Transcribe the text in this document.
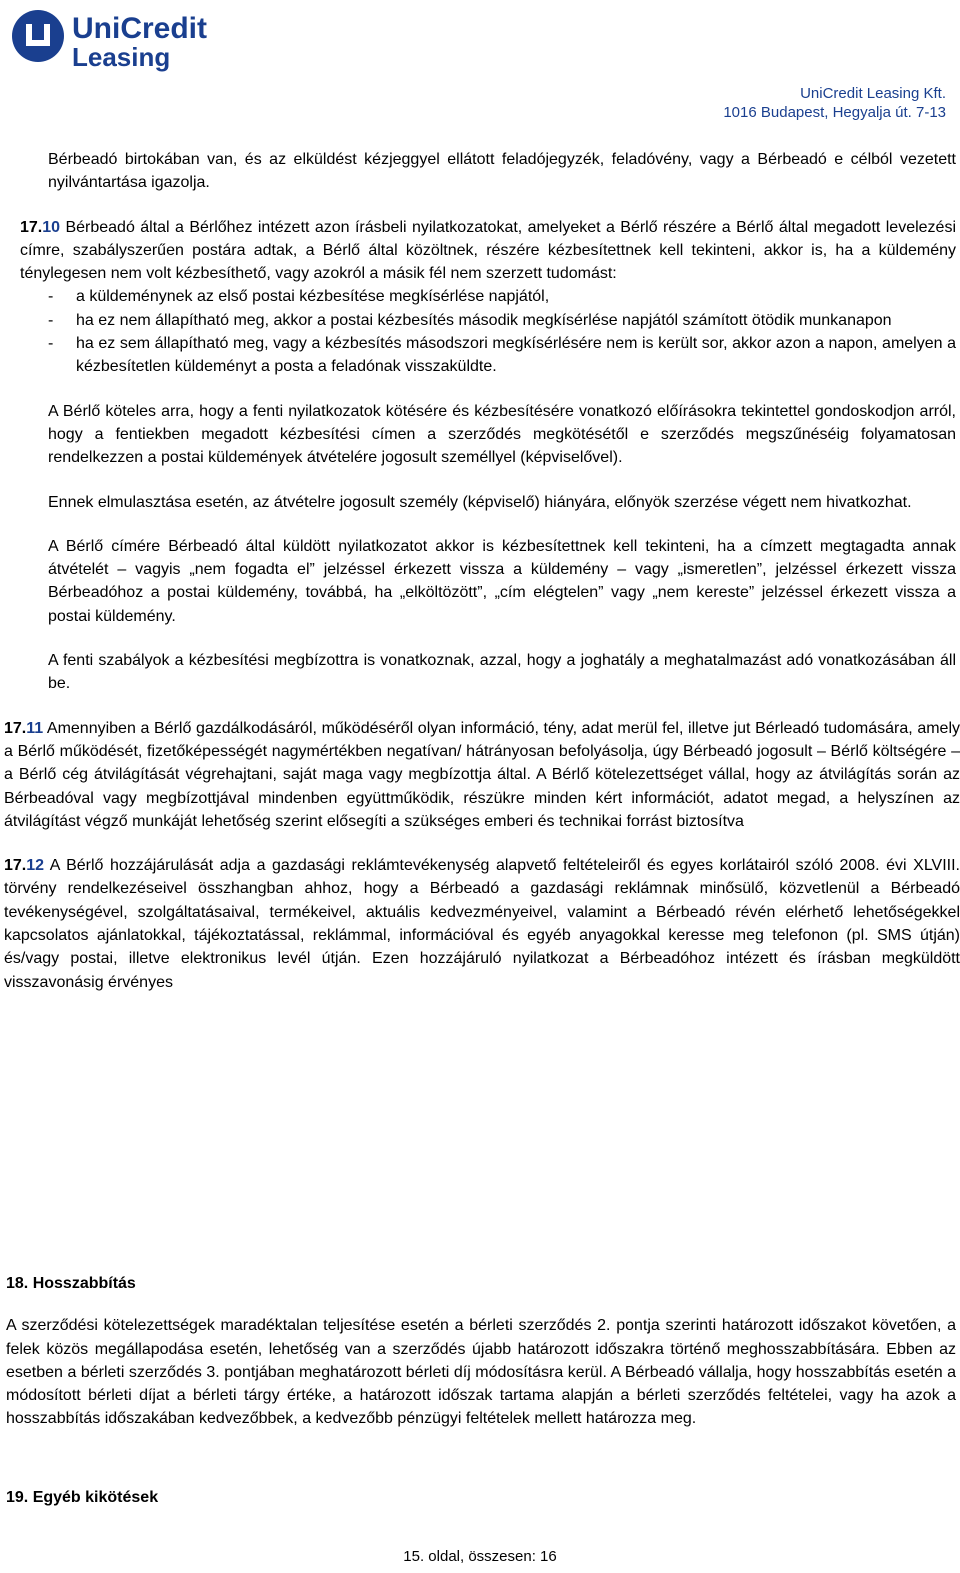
UniCredit
Leasing
UniCredit Leasing Kft.
1016 Budapest, Hegyalja út. 7-13

Bérbeadó birtokában van, és az elküldést kézjeggyel ellátott feladójegyzék, feladóvény, vagy a Bérbeadó e célból vezetett nyilvántartása igazolja.

17.10 Bérbeadó által a Bérlőhez intézett azon írásbeli nyilatkozatokat, amelyeket a Bérlő részére a Bérlő által megadott levelezési címre, szabályszerűen postára adtak, a Bérlő által közöltnek, részére kézbesítettnek kell tekinteni, akkor is, ha a küldemény ténylegesen nem volt kézbesíthető, vagy azokról a másik fél nem szerzett tudomást:

-	a küldeménynek az első postai kézbesítése megkísérlése napjától,
-	ha ez nem állapítható meg, akkor a postai kézbesítés második megkísérlése napjától számított ötödik munkanapon
-	ha ez sem állapítható meg, vagy a kézbesítés másodszori megkísérlésére nem is került sor, akkor azon a napon, amelyen a kézbesítetlen küldeményt a posta a feladónak visszaküldte.

A Bérlő köteles arra, hogy a fenti nyilatkozatok kötésére és kézbesítésére vonatkozó előírásokra tekintettel gondoskodjon arról, hogy a fentiekben megadott kézbesítési címen a szerződés megkötésétől e szerződés megszűnéséig folyamatosan rendelkezzen a postai küldemények átvételére jogosult személlyel (képviselővel).

Ennek elmulasztása esetén, az átvételre jogosult személy (képviselő) hiányára, előnyök szerzése végett nem hivatkozhat.

A Bérlő címére Bérbeadó által küldött nyilatkozatot akkor is kézbesítettnek kell tekinteni, ha a címzett megtagadta annak átvételét – vagyis „nem fogadta el” jelzéssel érkezett vissza a küldemény – vagy „ismeretlen”, jelzéssel érkezett vissza Bérbeadóhoz a postai küldemény, továbbá, ha „elköltözött”, „cím elégtelen” vagy „nem kereste” jelzéssel érkezett vissza a postai küldemény.

A fenti szabályok a kézbesítési megbízottra is vonatkoznak, azzal, hogy a joghatály a meghatalmazást adó vonatkozásában áll be.

17.11 Amennyiben a Bérlő gazdálkodásáról, működéséről olyan információ, tény, adat merül fel, illetve jut Bérleadó tudomására, amely a Bérlő működését, fizetőképességét nagymértékben negatívan/ hátrányosan befolyásolja, úgy Bérbeadó jogosult – Bérlő költségére – a Bérlő cég átvilágítását végrehajtani, saját maga vagy megbízottja által. A Bérlő kötelezettséget vállal, hogy az átvilágítás során az Bérbeadóval vagy megbízottjával mindenben együttműködik, részükre minden kért információt, adatot megad, a helyszínen az átvilágítást végző munkáját lehetőség szerint elősegíti a szükséges emberi és technikai forrást biztosítva

17.12 A Bérlő hozzájárulását adja a gazdasági reklámtevékenység alapvető feltételeiről és egyes korlátairól szóló 2008. évi XLVIII. törvény rendelkezéseivel összhangban ahhoz, hogy a Bérbeadó a gazdasági reklámnak minősülő, közvetlenül a Bérbeadó tevékenységével, szolgáltatásaival, termékeivel, aktuális kedvezményeivel, valamint a Bérbeadó révén elérhető lehetőségekkel kapcsolatos ajánlatokkal, tájékoztatással, reklámmal, információval és egyéb anyagokkal keresse meg telefonon (pl. SMS útján) és/vagy postai, illetve elektronikus levél útján. Ezen hozzájáruló nyilatkozat a Bérbeadóhoz intézett és írásban megküldött visszavonásig érvényes

18. Hosszabbítás

A szerződési kötelezettségek maradéktalan teljesítése esetén a bérleti szerződés 2. pontja szerinti határozott időszakot követően, a felek közös megállapodása esetén, lehetőség van a szerződés újabb határozott időszakra történő meghosszabbítására. Ebben az esetben a bérleti szerződés 3. pontjában meghatározott bérleti díj módosításra kerül. A Bérbeadó vállalja, hogy hosszabbítás esetén a módosított bérleti díjat a bérleti tárgy értéke, a határozott időszak tartama alapján a bérleti szerződés feltételei, vagy ha azok a hosszabbítás időszakában kedvezőbbek, a kedvezőbb pénzügyi feltételek mellett határozza meg.

19. Egyéb kikötések
15. oldal, összesen: 16
